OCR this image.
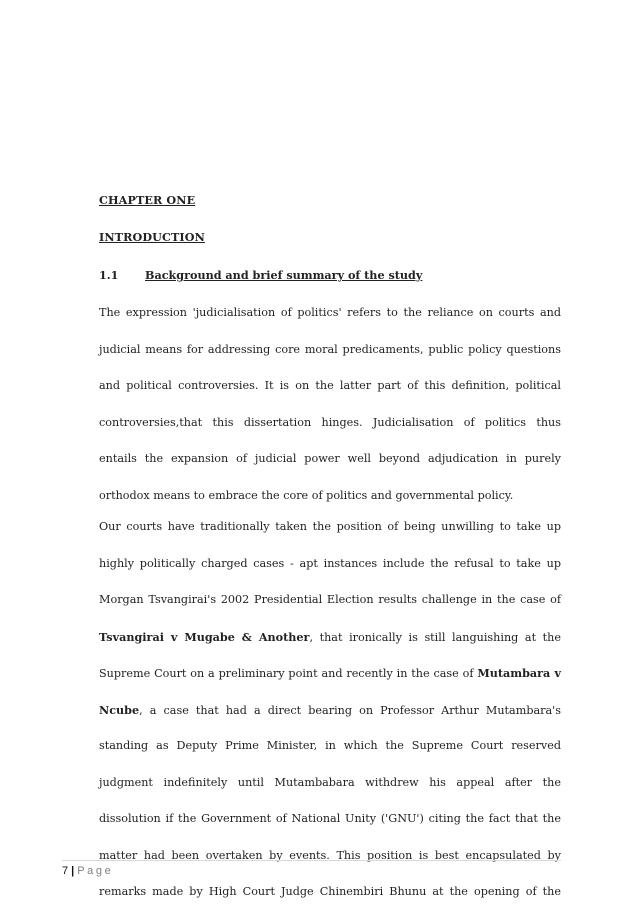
CHAPTER ONE
INTRODUCTION
1.1 Background and brief summary of the study
The expression 'judicialisation of politics' refers to the reliance on courts and
judicial means for addressing core moral predicaments, public policy questions
and political controversies. It is on the latter part of this definition, political
controversies,that this dissertation hinges. Judicialisation of politics thus
entails the expansion of judicial power well beyond adjudication in purely
orthodox means to embrace the core of politics and governmental policy.
Our courts have traditionally taken the position of being unwilling to take up
highly politically charged cases - apt instances include the refusal to take up
Morgan Tsvangirai's 2002 Presidential Election results challenge in the case of
Tsvangirai v Mugabe & Another, that ironically is still languishing at the
Supreme Court on a preliminary point and recently in the case of Mutambara v
Ncube, a case that had a direct bearing on Professor Arthur Mutambara's
standing as Deputy Prime Minister, in which the Supreme Court reserved
judgment indefinitely until Mutambabara withdrew his appeal after the
dissolution if the Government of National Unity ('GNU') citing the fact that the
matter had been overtaken by events. This position is best encapsulated by
remarks made by High Court Judge Chinembiri Bhunu at the opening of the
7 | Page
